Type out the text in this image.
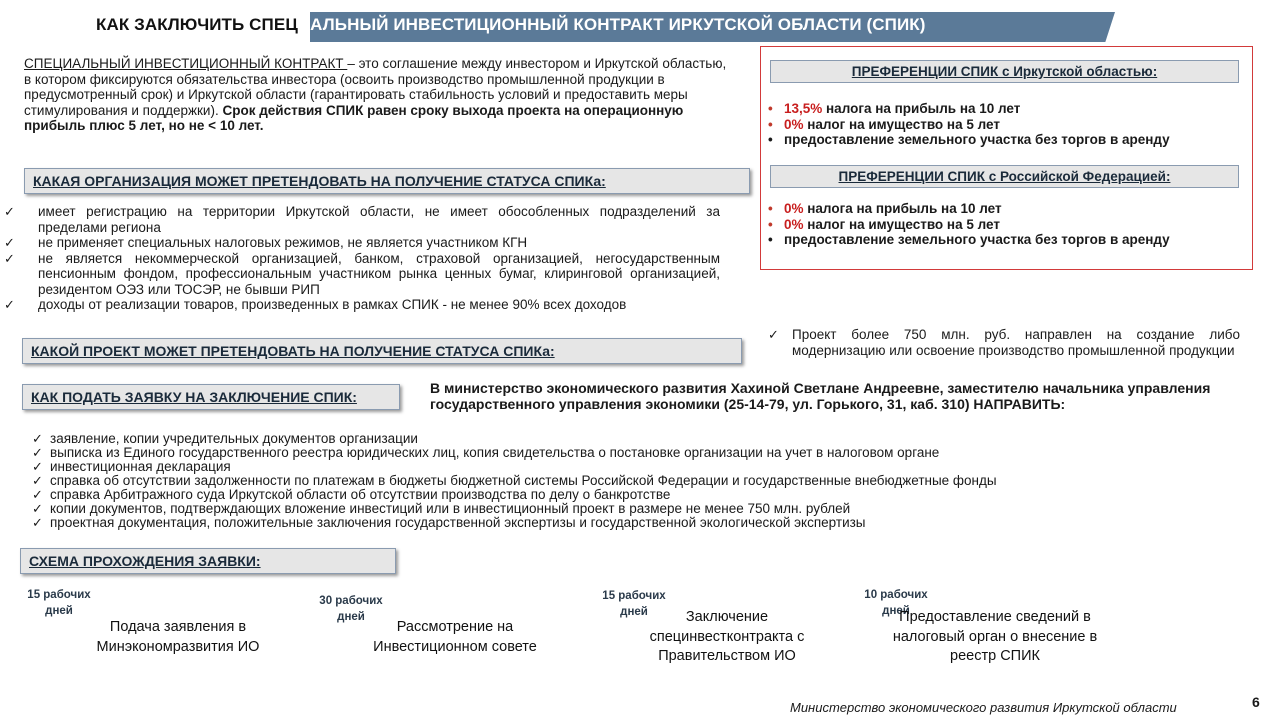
КАК ЗАКЛЮЧИТЬ СПЕЦИАЛЬНЫЙ ИНВЕСТИЦИОННЫЙ КОНТРАКТ ИРКУТСКОЙ ОБЛАСТИ (СПИК)
СПЕЦИАЛЬНЫЙ ИНВЕСТИЦИОННЫЙ КОНТРАКТ – это соглашение между инвестором и Иркутской областью, в котором фиксируются обязательства инвестора (освоить производство промышленной продукции в предусмотренный срок) и Иркутской области (гарантировать стабильность условий и предоставить меры стимулирования и поддержки). Срок действия СПИК равен сроку выхода проекта на операционную прибыль плюс 5 лет, но не < 10 лет.
КАКАЯ ОРГАНИЗАЦИЯ МОЖЕТ ПРЕТЕНДОВАТЬ НА ПОЛУЧЕНИЕ СТАТУСА СПИКа:
✓	имеет регистрацию на территории Иркутской области, не имеет обособленных подразделений за пределами региона
✓	не применяет специальных налоговых режимов, не является участником КГН
✓	не является некоммерческой организацией, банком, страховой организацией, негосударственным пенсионным фондом, профессиональным участником рынка ценных бумаг, клиринговой организацией, резидентом ОЭЗ или ТОСЭР, не бывши РИП
✓	доходы от реализации товаров, произведенных в рамках СПИК - не менее 90% всех доходов
КАКОЙ ПРОЕКТ МОЖЕТ ПРЕТЕНДОВАТЬ НА ПОЛУЧЕНИЕ СТАТУСА СПИКа:
✓ Проект более 750 млн. руб. направлен на создание либо модернизацию или освоение производство промышленной продукции
ПРЕФЕРЕНЦИИ СПИК с Иркутской областью:
• 13,5% налога на прибыль на 10 лет
• 0% налог на имущество на 5 лет
• предоставление земельного участка без торгов в аренду
ПРЕФЕРЕНЦИИ СПИК с Российской Федерацией:
• 0% налога на прибыль на 10 лет
• 0% налог на имущество на 5 лет
• предоставление земельного участка без торгов в аренду
КАК ПОДАТЬ ЗАЯВКУ НА ЗАКЛЮЧЕНИЕ СПИК:
В министерство экономического развития Хахиной Светлане Андреевне, заместителю начальника управления государственного управления экономики (25-14-79, ул. Горького, 31, каб. 310) НАПРАВИТЬ:
✓ заявление, копии учредительных документов организации
✓ выписка из Единого государственного реестра юридических лиц, копия свидетельства о постановке организации на учет в налоговом органе
✓ инвестиционная декларация
✓ справка об отсутствии задолженности по платежам в бюджеты бюджетной системы Российской Федерации и государственные внебюджетные фонды
✓ справка Арбитражного суда Иркутской области об отсутствии производства по делу о банкротстве
✓ копии документов, подтверждающих вложение инвестиций или в инвестиционный проект в размере не менее 750 млн. рублей
✓ проектная документация, положительные заключения государственной экспертизы и государственной экологической экспертизы
СХЕМА ПРОХОЖДЕНИЯ ЗАЯВКИ:
15 рабочих дней
Подача заявления в Минэкономразвития ИО
30 рабочих дней
Рассмотрение на Инвестиционном совете
15 рабочих дней	Заключение специнвестконтракта с Правительством ИО
10 рабочих дней
Предоставление сведений в налоговый орган о внесение в реестр СПИК
Министерство экономического развития Иркутской области	6
